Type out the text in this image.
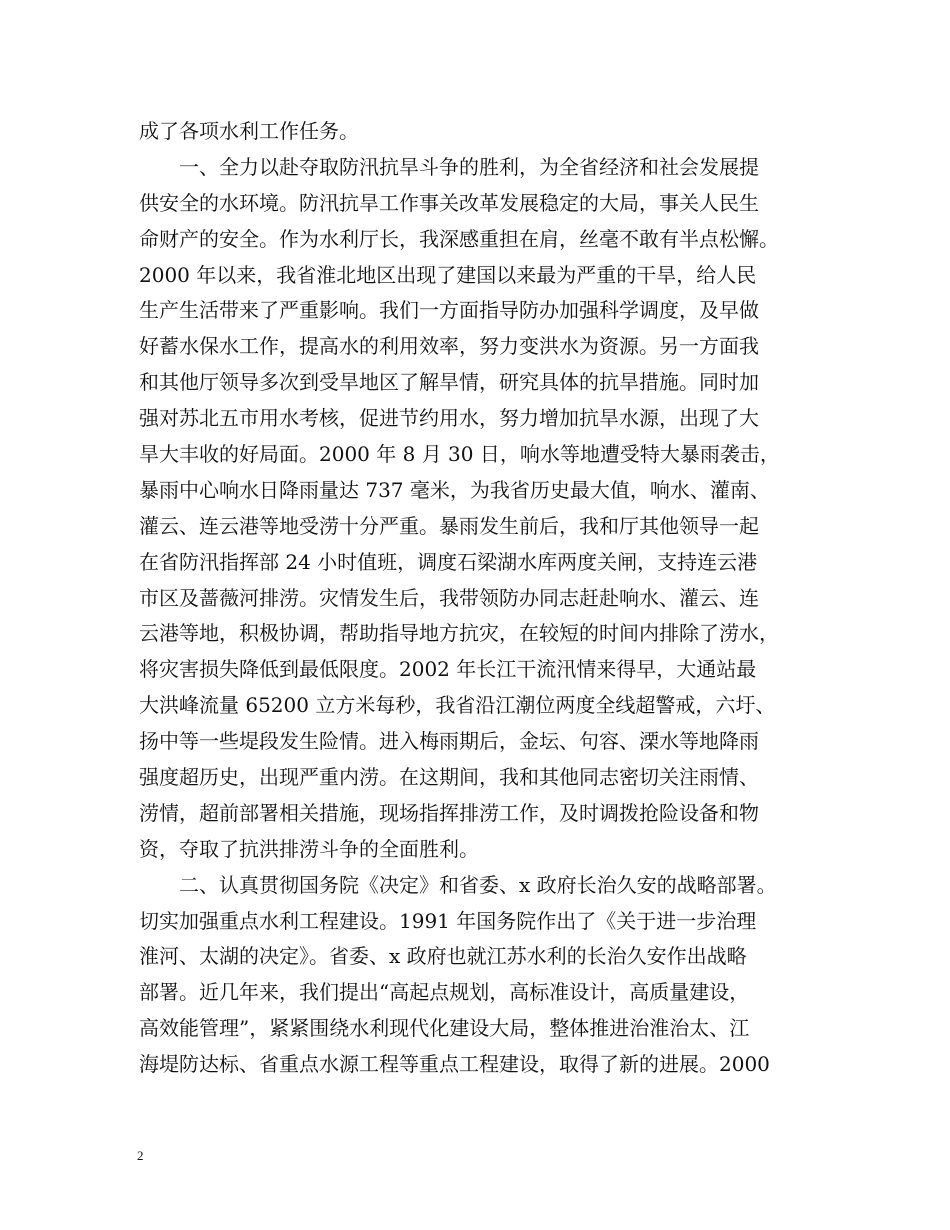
成了各项水利工作任务。
一、全力以赴夺取防汛抗旱斗争的胜利，为全省经济和社会发展提
供安全的水环境。防汛抗旱工作事关改革发展稳定的大局，事关人民生
命财产的安全。作为水利厅长，我深感重担在肩，丝毫不敢有半点松懈。
2000 年以来，我省淮北地区出现了建国以来最为严重的干旱，给人民
生产生活带来了严重影响。我们一方面指导防办加强科学调度，及早做
好蓄水保水工作，提高水的利用效率，努力变洪水为资源。另一方面我
和其他厅领导多次到受旱地区了解旱情，研究具体的抗旱措施。同时加
强对苏北五市用水考核，促进节约用水，努力增加抗旱水源，出现了大
旱大丰收的好局面。2000 年 8 月 30 日，响水等地遭受特大暴雨袭击，
暴雨中心响水日降雨量达 737 毫米，为我省历史最大值，响水、灌南、
灌云、连云港等地受涝十分严重。暴雨发生前后，我和厅其他领导一起
在省防汛指挥部 24 小时值班，调度石梁湖水库两度关闸，支持连云港
市区及蔷薇河排涝。灾情发生后，我带领防办同志赶赴响水、灌云、连
云港等地，积极协调，帮助指导地方抗灾，在较短的时间内排除了涝水，
将灾害损失降低到最低限度。2002 年长江干流汛情来得早，大通站最
大洪峰流量 65200 立方米每秒，我省沿江潮位两度全线超警戒，六圩、
扬中等一些堤段发生险情。进入梅雨期后，金坛、句容、溧水等地降雨
强度超历史，出现严重内涝。在这期间，我和其他同志密切关注雨情、
涝情，超前部署相关措施，现场指挥排涝工作，及时调拨抢险设备和物
资，夺取了抗洪排涝斗争的全面胜利。
二、认真贯彻国务院《决定》和省委、x 政府长治久安的战略部署。
切实加强重点水利工程建设。1991 年国务院作出了《关于进一步治理
淮河、太湖的决定》。省委、x 政府也就江苏水利的长治久安作出战略
部署。近几年来，我们提出“高起点规划，高标准设计，高质量建设，
高效能管理”，紧紧围绕水利现代化建设大局，整体推进治淮治太、江
海堤防达标、省重点水源工程等重点工程建设，取得了新的进展。2000
2
